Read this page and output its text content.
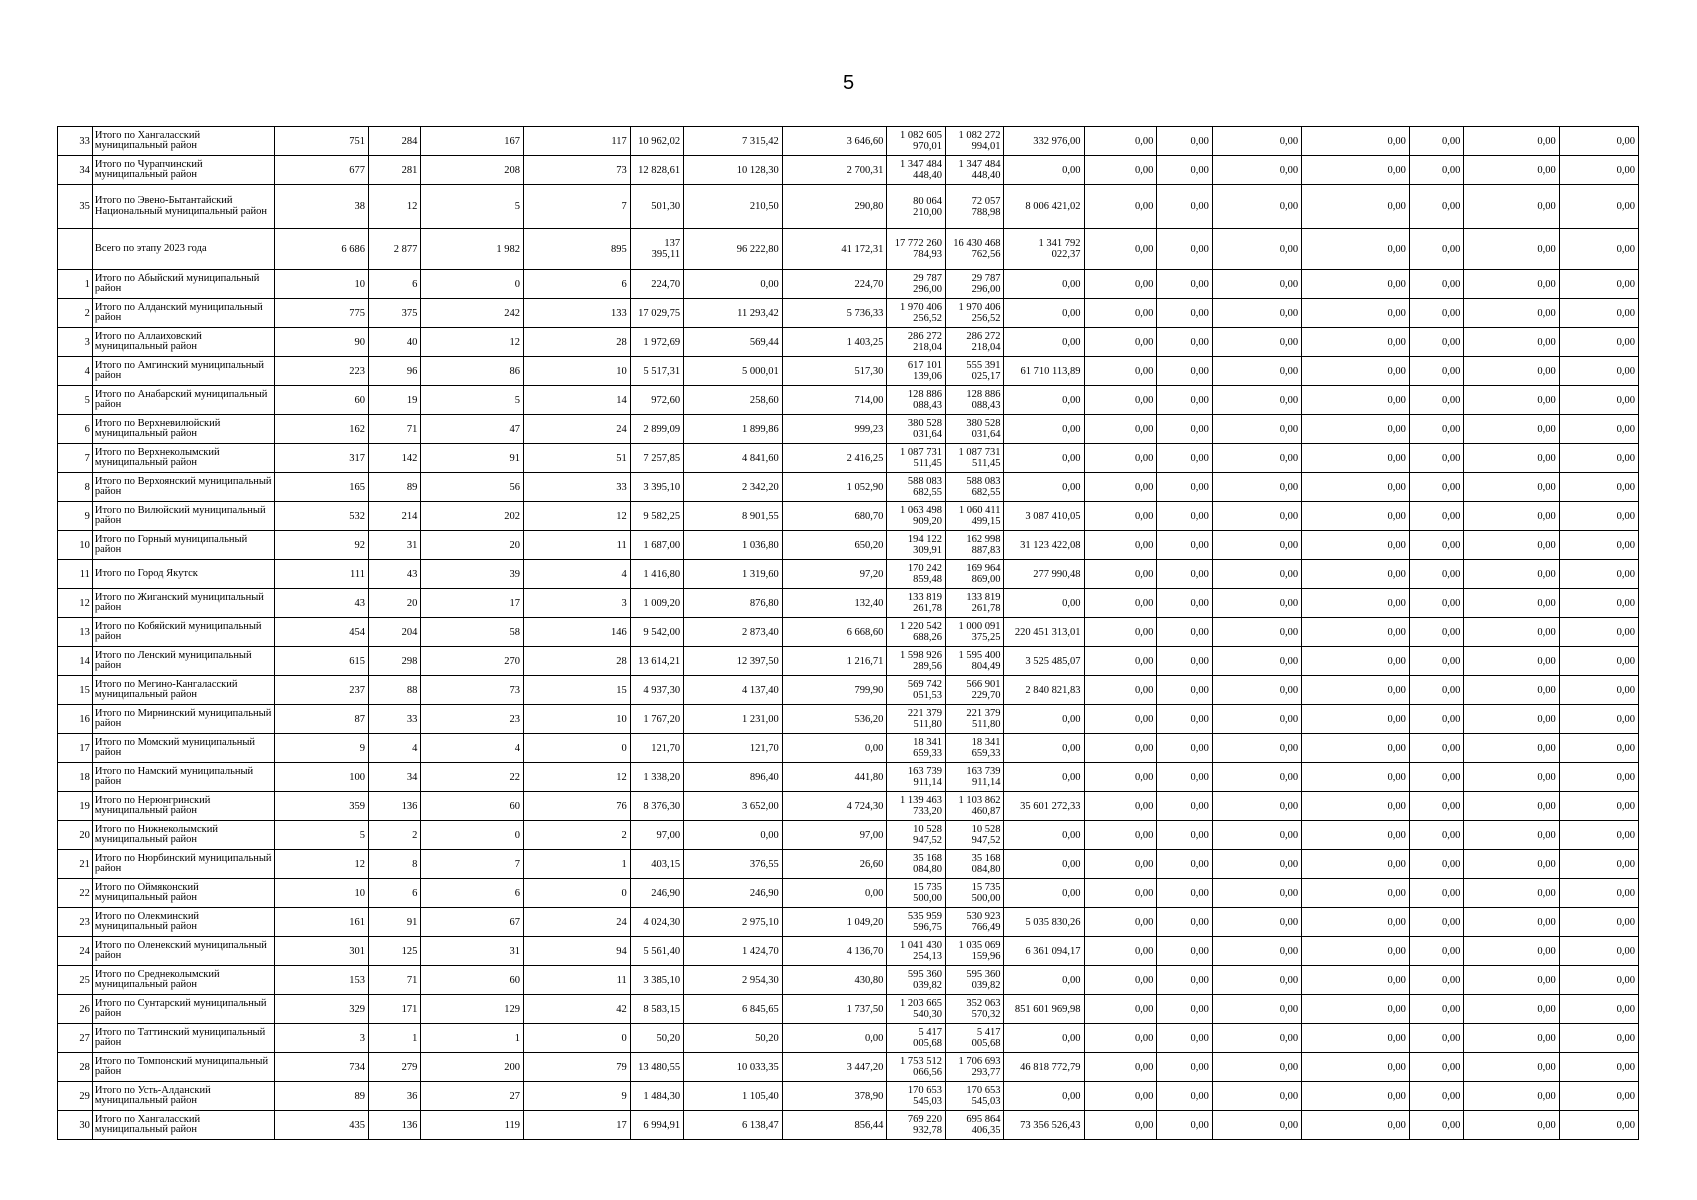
5
33	Итого по Хангаласский муниципальный район	751	284	167	117	10 962,02	7 315,42	3 646,60	1 082 605 970,01	1 082 272 994,01	332 976,00	0,00	0,00	0,00	0,00	0,00	0,00	0,00
34	Итого по Чурапчинский муниципальный район	677	281	208	73	12 828,61	10 128,30	2 700,31	1 347 484 448,40	1 347 484 448,40	0,00	0,00	0,00	0,00	0,00	0,00	0,00	0,00
35	Итого по Эвено-Бытантайский Национальный муниципальный район	38	12	5	7	501,30	210,50	290,80	80 064 210,00	72 057 788,98	8 006 421,02	0,00	0,00	0,00	0,00	0,00	0,00	0,00
	Всего по этапу 2023 года	6 686	2 877	1 982	895	137 395,11	96 222,80	41 172,31	17 772 260 784,93	16 430 468 762,56	1 341 792 022,37	0,00	0,00	0,00	0,00	0,00	0,00	0,00
1	Итого по Абыйский муниципальный район	10	6	0	6	224,70	0,00	224,70	29 787 296,00	29 787 296,00	0,00	0,00	0,00	0,00	0,00	0,00	0,00	0,00
2	Итого по Алданский муниципальный район	775	375	242	133	17 029,75	11 293,42	5 736,33	1 970 406 256,52	1 970 406 256,52	0,00	0,00	0,00	0,00	0,00	0,00	0,00	0,00
3	Итого по Аллаиховский муниципальный район	90	40	12	28	1 972,69	569,44	1 403,25	286 272 218,04	286 272 218,04	0,00	0,00	0,00	0,00	0,00	0,00	0,00	0,00
4	Итого по Амгинский муниципальный район	223	96	86	10	5 517,31	5 000,01	517,30	617 101 139,06	555 391 025,17	61 710 113,89	0,00	0,00	0,00	0,00	0,00	0,00	0,00
5	Итого по Анабарский муниципальный район	60	19	5	14	972,60	258,60	714,00	128 886 088,43	128 886 088,43	0,00	0,00	0,00	0,00	0,00	0,00	0,00	0,00
6	Итого по Верхневилюйский муниципальный район	162	71	47	24	2 899,09	1 899,86	999,23	380 528 031,64	380 528 031,64	0,00	0,00	0,00	0,00	0,00	0,00	0,00	0,00
7	Итого по Верхнеколымский муниципальный район	317	142	91	51	7 257,85	4 841,60	2 416,25	1 087 731 511,45	1 087 731 511,45	0,00	0,00	0,00	0,00	0,00	0,00	0,00	0,00
8	Итого по Верхоянский муниципальный район	165	89	56	33	3 395,10	2 342,20	1 052,90	588 083 682,55	588 083 682,55	0,00	0,00	0,00	0,00	0,00	0,00	0,00	0,00
9	Итого по Вилюйский муниципальный район	532	214	202	12	9 582,25	8 901,55	680,70	1 063 498 909,20	1 060 411 499,15	3 087 410,05	0,00	0,00	0,00	0,00	0,00	0,00	0,00
10	Итого по Горный муниципальный район	92	31	20	11	1 687,00	1 036,80	650,20	194 122 309,91	162 998 887,83	31 123 422,08	0,00	0,00	0,00	0,00	0,00	0,00	0,00
11	Итого по Город Якутск	111	43	39	4	1 416,80	1 319,60	97,20	170 242 859,48	169 964 869,00	277 990,48	0,00	0,00	0,00	0,00	0,00	0,00	0,00
12	Итого по Жиганский муниципальный район	43	20	17	3	1 009,20	876,80	132,40	133 819 261,78	133 819 261,78	0,00	0,00	0,00	0,00	0,00	0,00	0,00	0,00
13	Итого по Кобяйский муниципальный район	454	204	58	146	9 542,00	2 873,40	6 668,60	1 220 542 688,26	1 000 091 375,25	220 451 313,01	0,00	0,00	0,00	0,00	0,00	0,00	0,00
14	Итого по Ленский муниципальный район	615	298	270	28	13 614,21	12 397,50	1 216,71	1 598 926 289,56	1 595 400 804,49	3 525 485,07	0,00	0,00	0,00	0,00	0,00	0,00	0,00
15	Итого по Мегино-Кангаласский муниципальный район	237	88	73	15	4 937,30	4 137,40	799,90	569 742 051,53	566 901 229,70	2 840 821,83	0,00	0,00	0,00	0,00	0,00	0,00	0,00
16	Итого по Мирнинский муниципальный район	87	33	23	10	1 767,20	1 231,00	536,20	221 379 511,80	221 379 511,80	0,00	0,00	0,00	0,00	0,00	0,00	0,00	0,00
17	Итого по Момский муниципальный район	9	4	4	0	121,70	121,70	0,00	18 341 659,33	18 341 659,33	0,00	0,00	0,00	0,00	0,00	0,00	0,00	0,00
18	Итого по Намский муниципальный район	100	34	22	12	1 338,20	896,40	441,80	163 739 911,14	163 739 911,14	0,00	0,00	0,00	0,00	0,00	0,00	0,00	0,00
19	Итого по Нерюнгринский муниципальный район	359	136	60	76	8 376,30	3 652,00	4 724,30	1 139 463 733,20	1 103 862 460,87	35 601 272,33	0,00	0,00	0,00	0,00	0,00	0,00	0,00
20	Итого по Нижнеколымский муниципальный район	5	2	0	2	97,00	0,00	97,00	10 528 947,52	10 528 947,52	0,00	0,00	0,00	0,00	0,00	0,00	0,00	0,00
21	Итого по Нюрбинский муниципальный район	12	8	7	1	403,15	376,55	26,60	35 168 084,80	35 168 084,80	0,00	0,00	0,00	0,00	0,00	0,00	0,00	0,00
22	Итого по Оймяконский муниципальный район	10	6	6	0	246,90	246,90	0,00	15 735 500,00	15 735 500,00	0,00	0,00	0,00	0,00	0,00	0,00	0,00	0,00
23	Итого по Олекминский муниципальный район	161	91	67	24	4 024,30	2 975,10	1 049,20	535 959 596,75	530 923 766,49	5 035 830,26	0,00	0,00	0,00	0,00	0,00	0,00	0,00
24	Итого по Оленекский муниципальный район	301	125	31	94	5 561,40	1 424,70	4 136,70	1 041 430 254,13	1 035 069 159,96	6 361 094,17	0,00	0,00	0,00	0,00	0,00	0,00	0,00
25	Итого по Среднеколымский муниципальный район	153	71	60	11	3 385,10	2 954,30	430,80	595 360 039,82	595 360 039,82	0,00	0,00	0,00	0,00	0,00	0,00	0,00	0,00
26	Итого по Сунтарский муниципальный район	329	171	129	42	8 583,15	6 845,65	1 737,50	1 203 665 540,30	352 063 570,32	851 601 969,98	0,00	0,00	0,00	0,00	0,00	0,00	0,00
27	Итого по Таттинский муниципальный район	3	1	1	0	50,20	50,20	0,00	5 417 005,68	5 417 005,68	0,00	0,00	0,00	0,00	0,00	0,00	0,00	0,00
28	Итого по Томпонский муниципальный район	734	279	200	79	13 480,55	10 033,35	3 447,20	1 753 512 066,56	1 706 693 293,77	46 818 772,79	0,00	0,00	0,00	0,00	0,00	0,00	0,00
29	Итого по Усть-Алданский муниципальный район	89	36	27	9	1 484,30	1 105,40	378,90	170 653 545,03	170 653 545,03	0,00	0,00	0,00	0,00	0,00	0,00	0,00	0,00
30	Итого по Хангаласский муниципальный район	435	136	119	17	6 994,91	6 138,47	856,44	769 220 932,78	695 864 406,35	73 356 526,43	0,00	0,00	0,00	0,00	0,00	0,00	0,00
